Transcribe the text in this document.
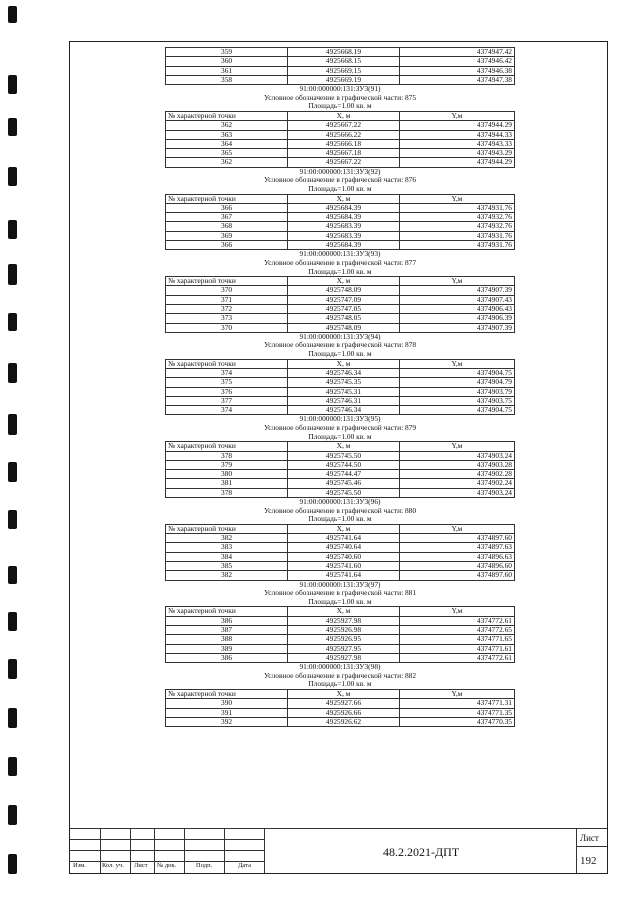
359	4925668.19	4374947.42
360	4925668.15	4374946.42
361	4925669.15	4374946.38
358	4925669.19	4374947.38
91:00:000000:131:ЗУ3(91)
Условное обозначение в графической части: 875
Площадь=1.00 кв. м
№ характерной точки	X, м	Y,м
362	4925667.22	4374944.29
363	4925666.22	4374944.33
364	4925666.18	4374943.33
365	4925667.18	4374943.29
362	4925667.22	4374944.29
91:00:000000:131:ЗУ3(92)
Условное обозначение в графической части: 876
Площадь=1.00 кв. м
№ характерной точки	X, м	Y,м
366	4925684.39	4374931.76
367	4925684.39	4374932.76
368	4925683.39	4374932.76
369	4925683.39	4374931.76
366	4925684.39	4374931.76
91:00:000000:131:ЗУ3(93)
Условное обозначение в графической части: 877
Площадь=1.00 кв. м
№ характерной точки	X, м	Y,м
370	4925748.09	4374907.39
371	4925747.09	4374907.43
372	4925747.05	4374906.43
373	4925748.05	4374906.39
370	4925748.09	4374907.39
91:00:000000:131:ЗУ3(94)
Условное обозначение в графической части: 878
Площадь=1.00 кв. м
№ характерной точки	X, м	Y,м
374	4925746.34	4374904.75
375	4925745.35	4374904.79
376	4925745.31	4374903.79
377	4925746.31	4374903.75
374	4925746.34	4374904.75
91:00:000000:131:ЗУ3(95)
Условное обозначение в графической части: 879
Площадь=1.00 кв. м
№ характерной точки	X, м	Y,м
378	4925745.50	4374903.24
379	4925744.50	4374903.28
380	4925744.47	4374902.28
381	4925745.46	4374902.24
378	4925745.50	4374903.24
91:00:000000:131:ЗУ3(96)
Условное обозначение в графической части: 880
Площадь=1.00 кв. м
№ характерной точки	X, м	Y,м
382	4925741.64	4374897.60
383	4925740.64	4374897.63
384	4925740.60	4374896.63
385	4925741.60	4374896.60
382	4925741.64	4374897.60
91:00:000000:131:ЗУ3(97)
Условное обозначение в графической части: 881
Площадь=1.00 кв. м
№ характерной точки	X, м	Y,м
386	4925927.98	4374772.61
387	4925926.98	4374772.65
388	4925926.95	4374771.65
389	4925927.95	4374771.61
386	4925927.98	4374772.61
91:00:000000:131:ЗУ3(98)
Условное обозначение в графической части: 882
Площадь=1.00 кв. м
№ характерной точки	X, м	Y,м
390	4925927.66	4374771.31
391	4925926.66	4374771.35
392	4925926.62	4374770.35
Изм. Кол. уч. Лист № док.	Подп.	Дата
48.2.2021-ДПТ
Лист
192
